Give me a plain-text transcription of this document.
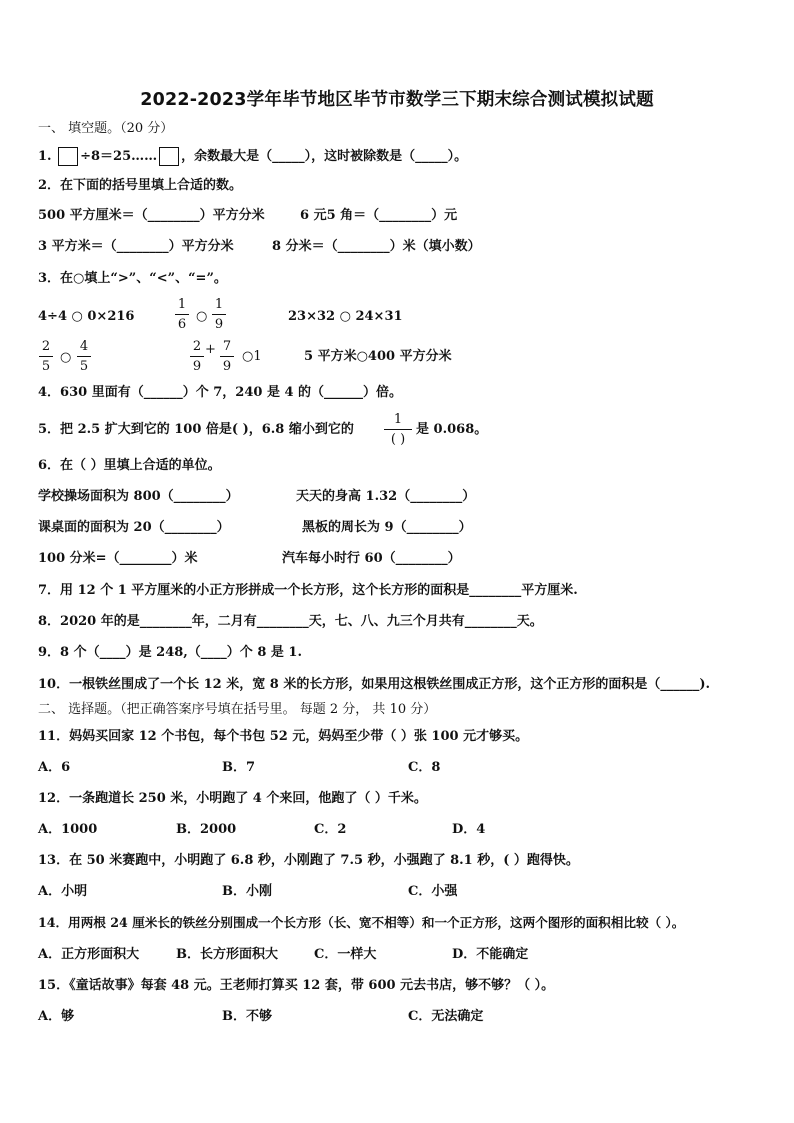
2022-2023学年毕节地区毕节市数学三下期末综合测试模拟试题
一、 填空题。（20 分）
1. ÷8＝25…… ，余数最大是（_____），这时被除数是（_____）。
2．在下面的括号里填上合适的数。
500 平方厘米＝（________）平方分米	6 元5 角＝（________）元
3 平方米＝（________）平方分米	8 分米＝（________）米（填小数）
3．在○填上“>”、“<”、“=”。
4÷4 ○ 0×216
1
6
○
1
9
23×32 ○ 24×31
2
5
○
4
5
2
9
+ 7
9
○1	5 平方米○400 平方分米
4．630 里面有（______）个 7，240 是 4 的（______）倍。
5．把 2.5 扩大到它的 100 倍是( )，6.8 缩小到它的
1
( )
是 0.068。
6．在（ ）里填上合适的单位。
学校操场面积为 800（________）	天天的身高 1.32（________）
课桌面的面积为 20（________）	黑板的周长为 9（________）
100 分米=（________）米	汽车每小时行 60（________）
7．用 12 个 1 平方厘米的小正方形拼成一个长方形，这个长方形的面积是________平方厘米.
8．2020 年的是________年，二月有________天，七、八、九三个月共有________天。
9．8 个（____）是 248,（____）个 8 是 1.
10．一根铁丝围成了一个长 12 米，宽 8 米的长方形，如果用这根铁丝围成正方形，这个正方形的面积是（______).
二、 选择题。（把正确答案序号填在括号里。 每题 2 分， 共 10 分）
11．妈妈买回家 12 个书包，每个书包 52 元，妈妈至少带（ ）张 100 元才够买。
A．6	B．7	C．8
12．一条跑道长 250 米，小明跑了 4 个来回，他跑了（ ）千米。
A．1000	B．2000	C．2	D．4
13．在 50 米赛跑中，小明跑了 6.8 秒，小刚跑了 7.5 秒，小强跑了 8.1 秒，( ）跑得快。
A．小明	B．小刚	C．小强
14．用两根 24 厘米长的铁丝分别围成一个长方形（长、宽不相等）和一个正方形，这两个图形的面积相比较（ ）。
A．正方形面积大	B．长方形面积大	C．一样大	D．不能确定
15．《童话故事》每套 48 元。王老师打算买 12 套，带 600 元去书店，够不够？（ ）。
A．够	B．不够	C．无法确定
